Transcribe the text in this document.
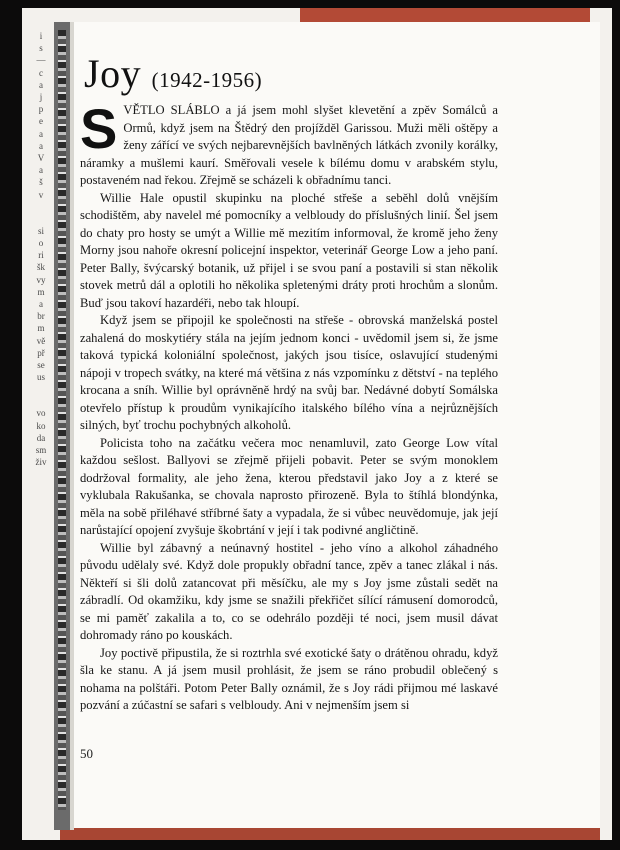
i
s
—
c
a
j
p
e
a
a
V
a
š
v
si
o
ri
šk
vy
m
a
br
m
vě
př
se
us
vo
ko
da
sm
živ
Joy (1942-1956)

SVĚTLO SLÁBLO a já jsem mohl slyšet klevetění a zpěv Somálců a Ormů, když jsem na Štědrý den projížděl Garissou. Muži měli oštěpy a ženy zářící ve svých nejbarevnějších bavlněných látkách zvonily korálky, náramky a mušlemi kaurí. Směřovali vesele k bílému domu v arabském stylu, postaveném nad řekou. Zřejmě se scházeli k obřadnímu tanci.

Willie Hale opustil skupinku na ploché střeše a seběhl dolů vnějším schodištěm, aby navelel mé pomocníky a velbloudy do příslušných linií. Šel jsem do chaty pro hosty se umýt a Willie mě mezitím informoval, že kromě jeho ženy Morny jsou nahoře okresní policejní inspektor, veterinář George Low a jeho paní. Peter Bally, švýcarský botanik, už přijel i se svou paní a postavili si stan několik stovek metrů dál a oplotili ho několika spletenými dráty proti hrochům a slonům. Buď jsou takoví hazardéři, nebo tak hloupí.

Když jsem se připojil ke společnosti na střeše - obrovská manželská postel zahalená do moskytiéry stála na jejím jednom konci - uvědomil jsem si, že jsme taková typická koloniální společnost, jakých jsou tisíce, oslavující studenými nápoji v tropech svátky, na které má většina z nás vzpomínku z dětství - na teplého krocana a sníh. Willie byl oprávněně hrdý na svůj bar. Nedávné dobytí Somálska otevřelo přístup k proudům vynikajícího italského bílého vína a nejrůznějších silných, byť trochu pochybných alkoholů.

Policista toho na začátku večera moc nenamluvil, zato George Low vítal každou sešlost. Ballyovi se zřejmě přijeli pobavit. Peter se svým monoklem dodržoval formality, ale jeho žena, kterou představil jako Joy a z které se vyklubala Rakušanka, se chovala naprosto přirozeně. Byla to štíhlá blondýnka, měla na sobě přiléhavé stříbrné šaty a vypadala, že si vůbec neuvědomuje, jak její narůstající opojení zvyšuje škobrtání v její i tak podivné angličtině.

Willie byl zábavný a neúnavný hostitel - jeho víno a alkohol záhadného původu udělaly své. Když dole propukly obřadní tance, zpěv a tanec zlákal i nás. Někteří si šli dolů zatancovat při měsíčku, ale my s Joy jsme zůstali sedět na zábradlí. Od okamžiku, kdy jsme se snažili překřičet sílící rámusení domorodců, se mi paměť zakalila a to, co se odehrálo později té noci, jsem musil dávat dohromady ráno po kouskách.

Joy poctivě připustila, že si roztrhla své exotické šaty o drátěnou ohradu, když šla ke stanu. A já jsem musil prohlásit, že jsem se ráno probudil oblečený s nohama na polštáři. Potom Peter Bally oznámil, že s Joy rádi přijmou mé laskavé pozvání a zúčastní se safari s velbloudy. Ani v nejmenším jsem si

50
